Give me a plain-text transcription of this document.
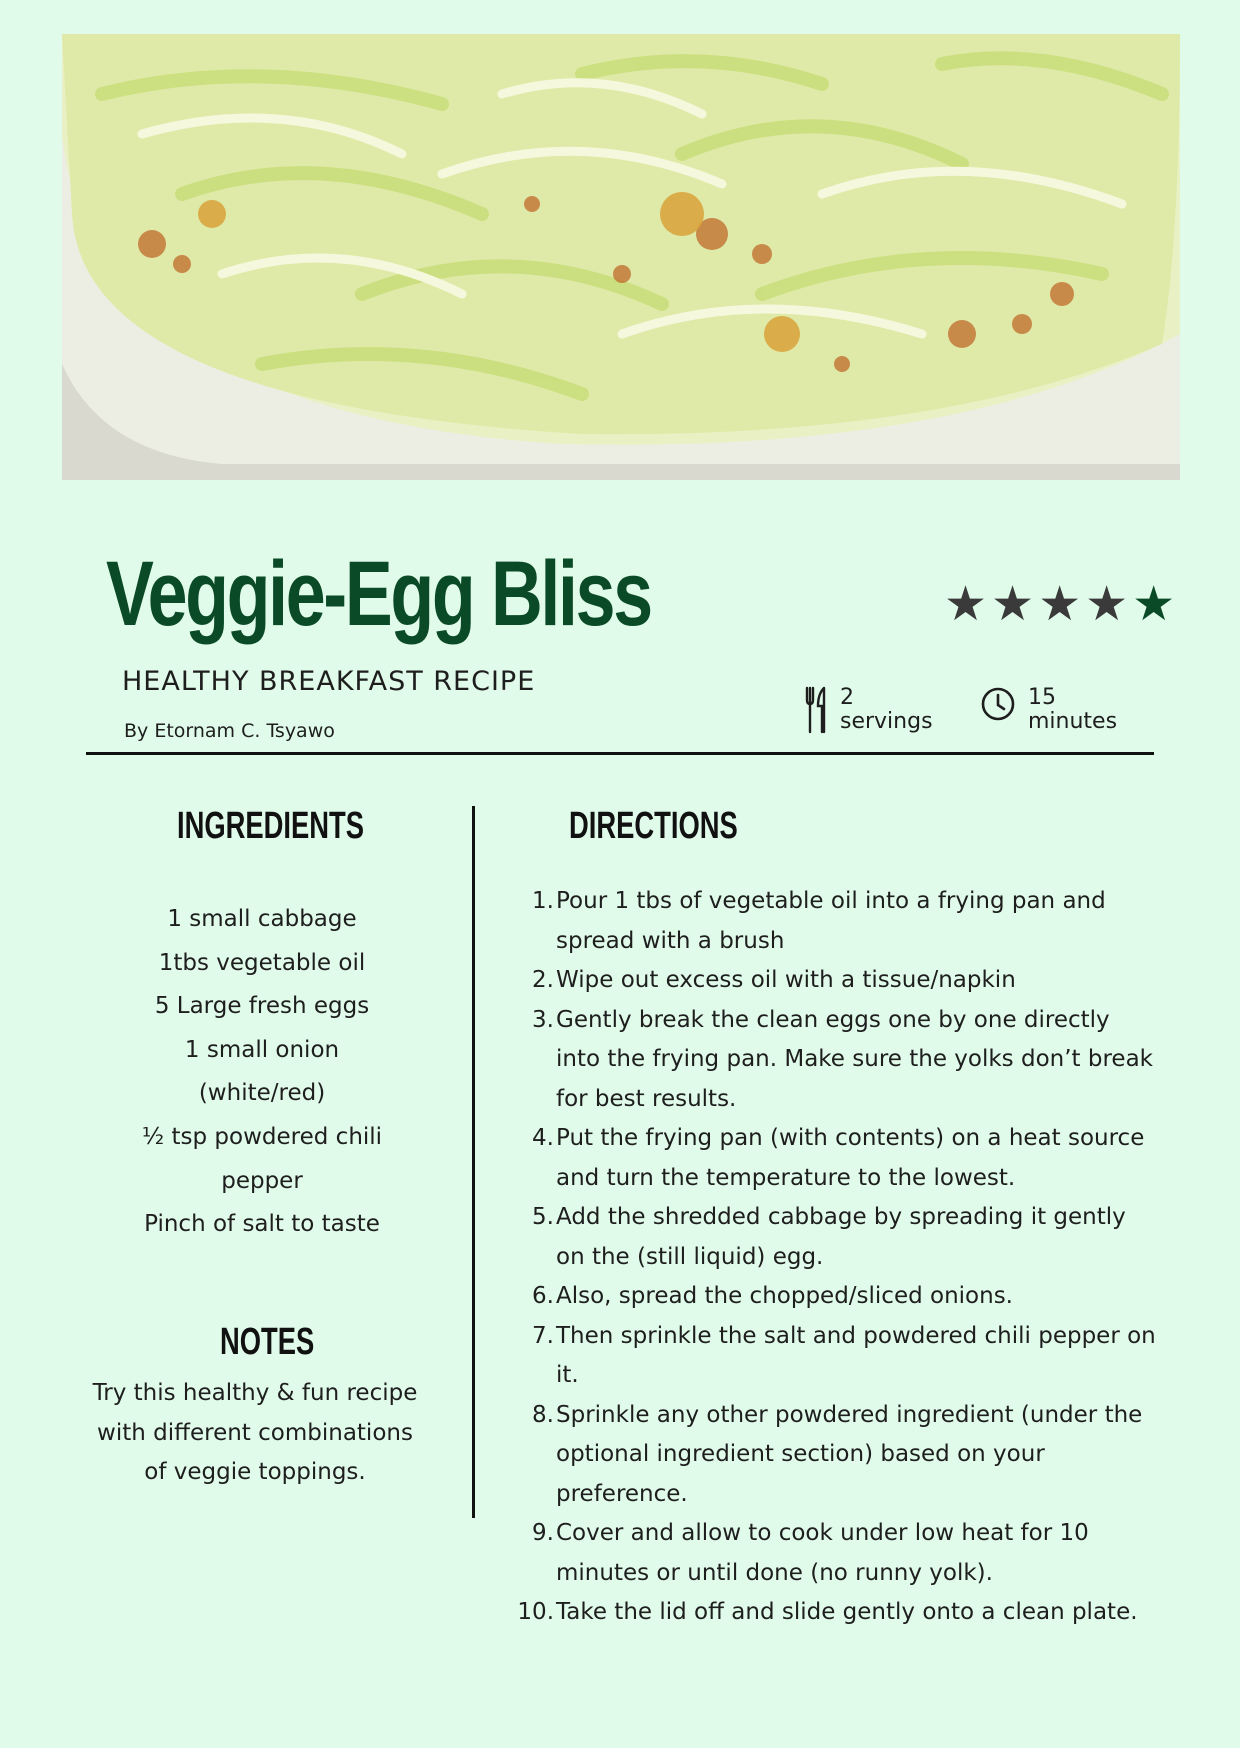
Veggie-Egg Bliss	★ ★ ★ ★ ★
HEALTHY BREAKFAST RECIPE
By Etornam C. Tsyawo
2
servings
15
minutes
INGREDIENTS
1 small cabbage
1tbs vegetable oil
5 Large fresh eggs
1 small onion
(white/red)
½ tsp powdered chili
pepper
Pinch of salt to taste
NOTES

Try this healthy & fun recipe with different combinations of veggie toppings.

DIRECTIONS
1. Pour 1 tbs of vegetable oil into a frying pan and spread with a brush
2. Wipe out excess oil with a tissue/napkin
3. Gently break the clean eggs one by one directly into the frying pan. Make sure the yolks don’t break for best results.
4. Put the frying pan (with contents) on a heat source and turn the temperature to the lowest.
5. Add the shredded cabbage by spreading it gently on the (still liquid) egg.
6. Also, spread the chopped/sliced onions.
7. Then sprinkle the salt and powdered chili pepper on it.
8. Sprinkle any other powdered ingredient (under the optional ingredient section) based on your preference.
9. Cover and allow to cook under low heat for 10 minutes or until done (no runny yolk).
10. Take the lid off and slide gently onto a clean plate.
